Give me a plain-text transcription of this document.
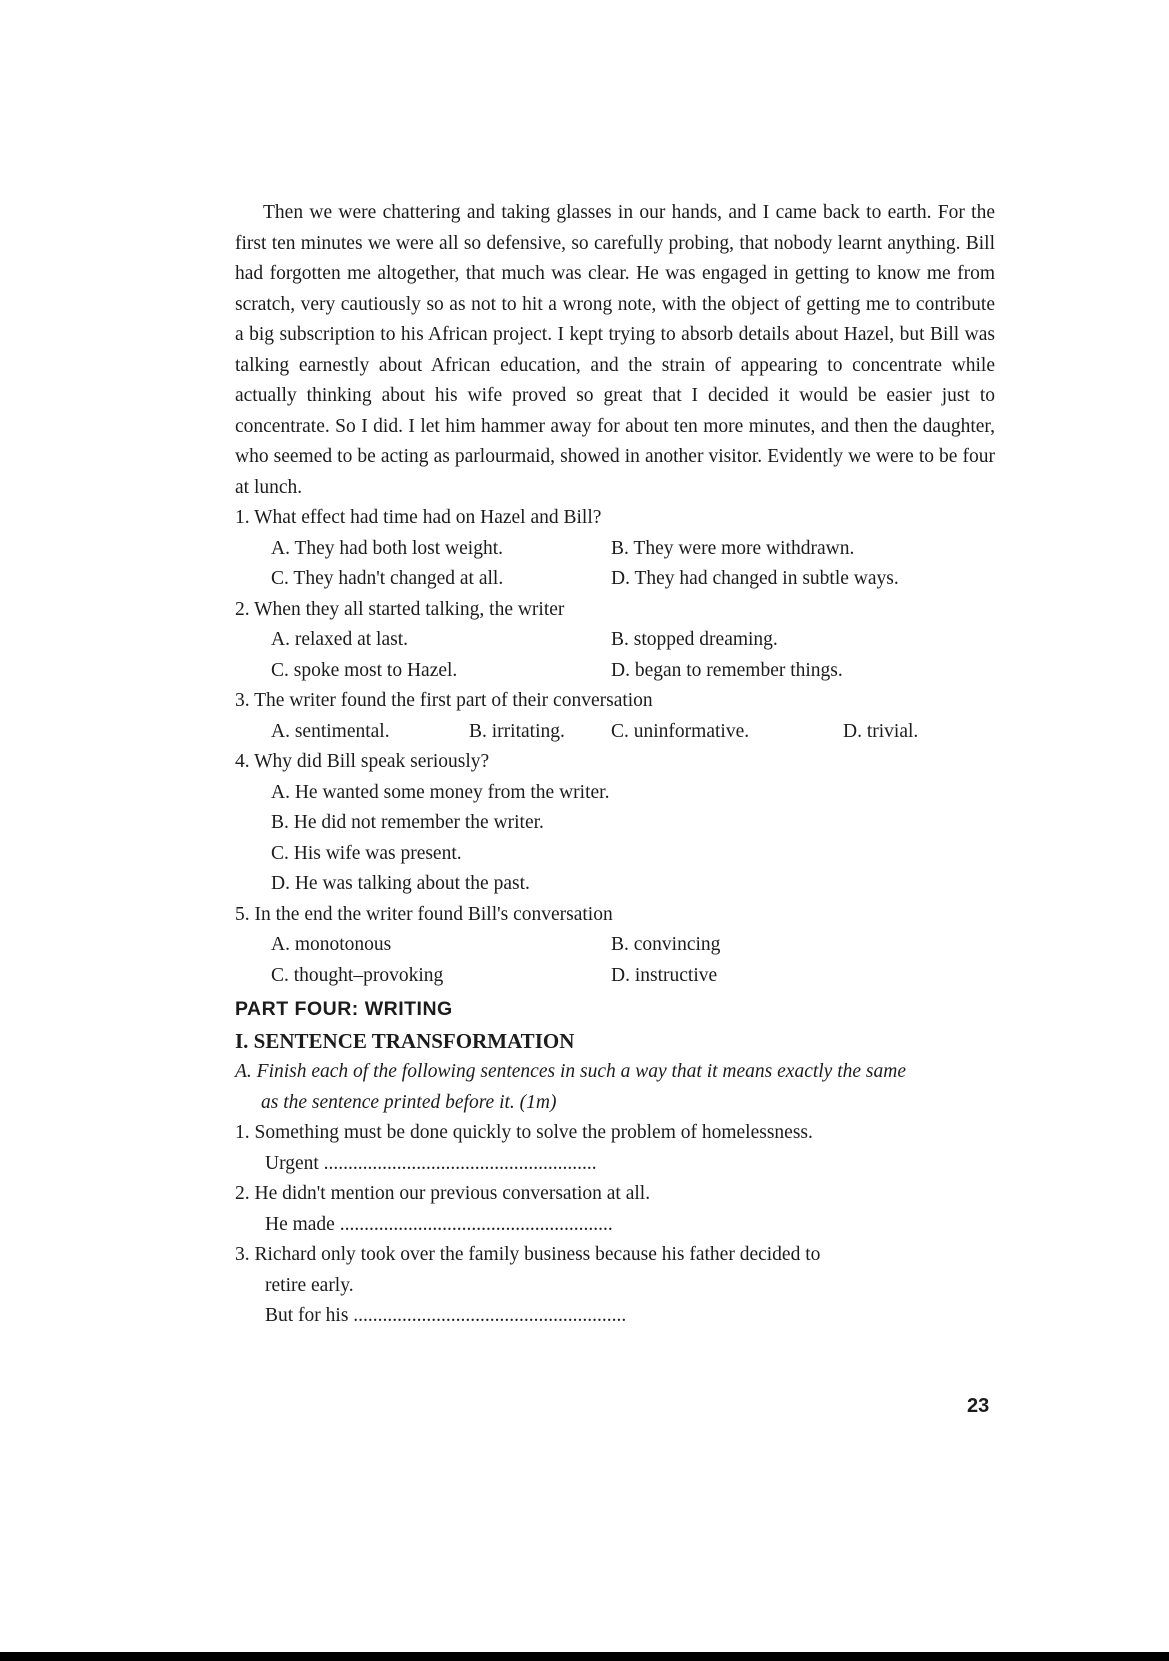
Then we were chattering and taking glasses in our hands, and I came back to earth. For the first ten minutes we were all so defensive, so carefully probing, that nobody learnt anything. Bill had forgotten me altogether, that much was clear. He was engaged in getting to know me from scratch, very cautiously so as not to hit a wrong note, with the object of getting me to contribute a big subscription to his African project. I kept trying to absorb details about Hazel, but Bill was talking earnestly about African education, and the strain of appearing to concentrate while actually thinking about his wife proved so great that I decided it would be easier just to concentrate. So I did. I let him hammer away for about ten more minutes, and then the daughter, who seemed to be acting as parlourmaid, showed in another visitor. Evidently we were to be four at lunch.

1. What effect had time had on Hazel and Bill?

A. They had both lost weight.	B. They were more withdrawn.
C. They hadn't changed at all.	D. They had changed in subtle ways.

2. When they all started talking, the writer

A. relaxed at last.	B. stopped dreaming.
C. spoke most to Hazel.	D. began to remember things.

3. The writer found the first part of their conversation

A. sentimental.	B. irritating.	C. uninformative.	D. trivial.

4. Why did Bill speak seriously?

A. He wanted some money from the writer.
B. He did not remember the writer.
C. His wife was present.
D. He was talking about the past.

5. In the end the writer found Bill's conversation

A. monotonous	B. convincing
C. thought–provoking	D. instructive
PART FOUR: WRITING
I. SENTENCE TRANSFORMATION

A. Finish each of the following sentences in such a way that it means exactly the same
as the sentence printed before it. (1m)

1. Something must be done quickly to solve the problem of homelessness.
Urgent ........................................................
2. He didn't mention our previous conversation at all.
He made ........................................................
3. Richard only took over the family business because his father decided to
retire early.
But for his ........................................................
23
